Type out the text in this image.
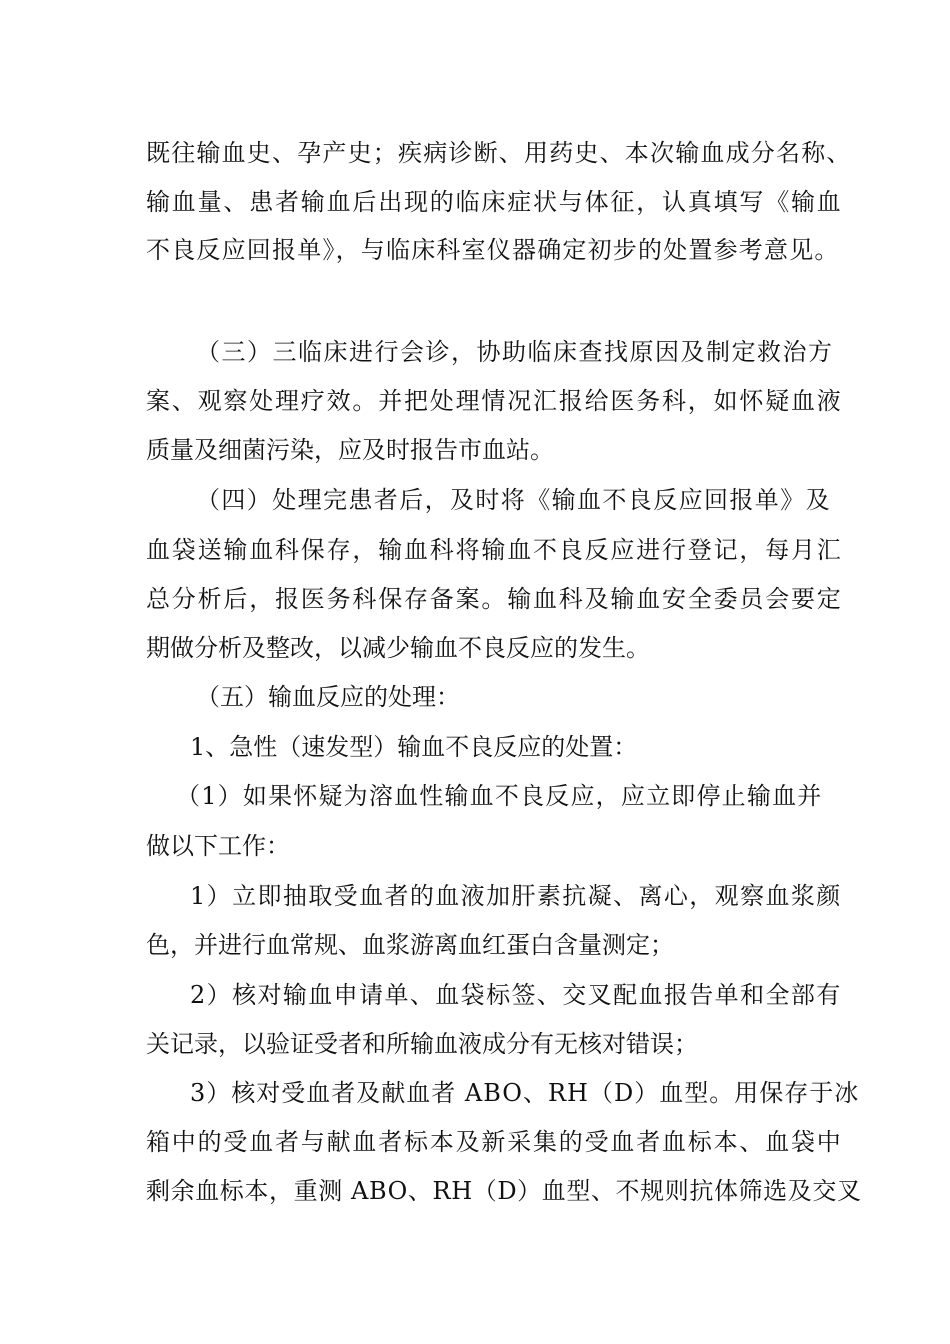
既往输血史、孕产史；疾病诊断、用药史、本次输血成分名称、
输血量、患者输血后出现的临床症状与体征，认真填写《输血
不良反应回报单》，与临床科室仪器确定初步的处置参考意见。
（三）三临床进行会诊，协助临床查找原因及制定救治方
案、观察处理疗效。并把处理情况汇报给医务科，如怀疑血液
质量及细菌污染，应及时报告市血站。
（四）处理完患者后，及时将《输血不良反应回报单》及
血袋送输血科保存，输血科将输血不良反应进行登记，每月汇
总分析后，报医务科保存备案。输血科及输血安全委员会要定
期做分析及整改，以减少输血不良反应的发生。
（五）输血反应的处理：
1、急性（速发型）输血不良反应的处置：
（1）如果怀疑为溶血性输血不良反应，应立即停止输血并
做以下工作：
1）立即抽取受血者的血液加肝素抗凝、离心，观察血浆颜
色，并进行血常规、血浆游离血红蛋白含量测定；
2）核对输血申请单、血袋标签、交叉配血报告单和全部有
关记录，以验证受者和所输血液成分有无核对错误；
3）核对受血者及献血者 ABO、RH（D）血型。用保存于冰
箱中的受血者与献血者标本及新采集的受血者血标本、血袋中
剩余血标本，重测 ABO、RH（D）血型、不规则抗体筛选及交叉
